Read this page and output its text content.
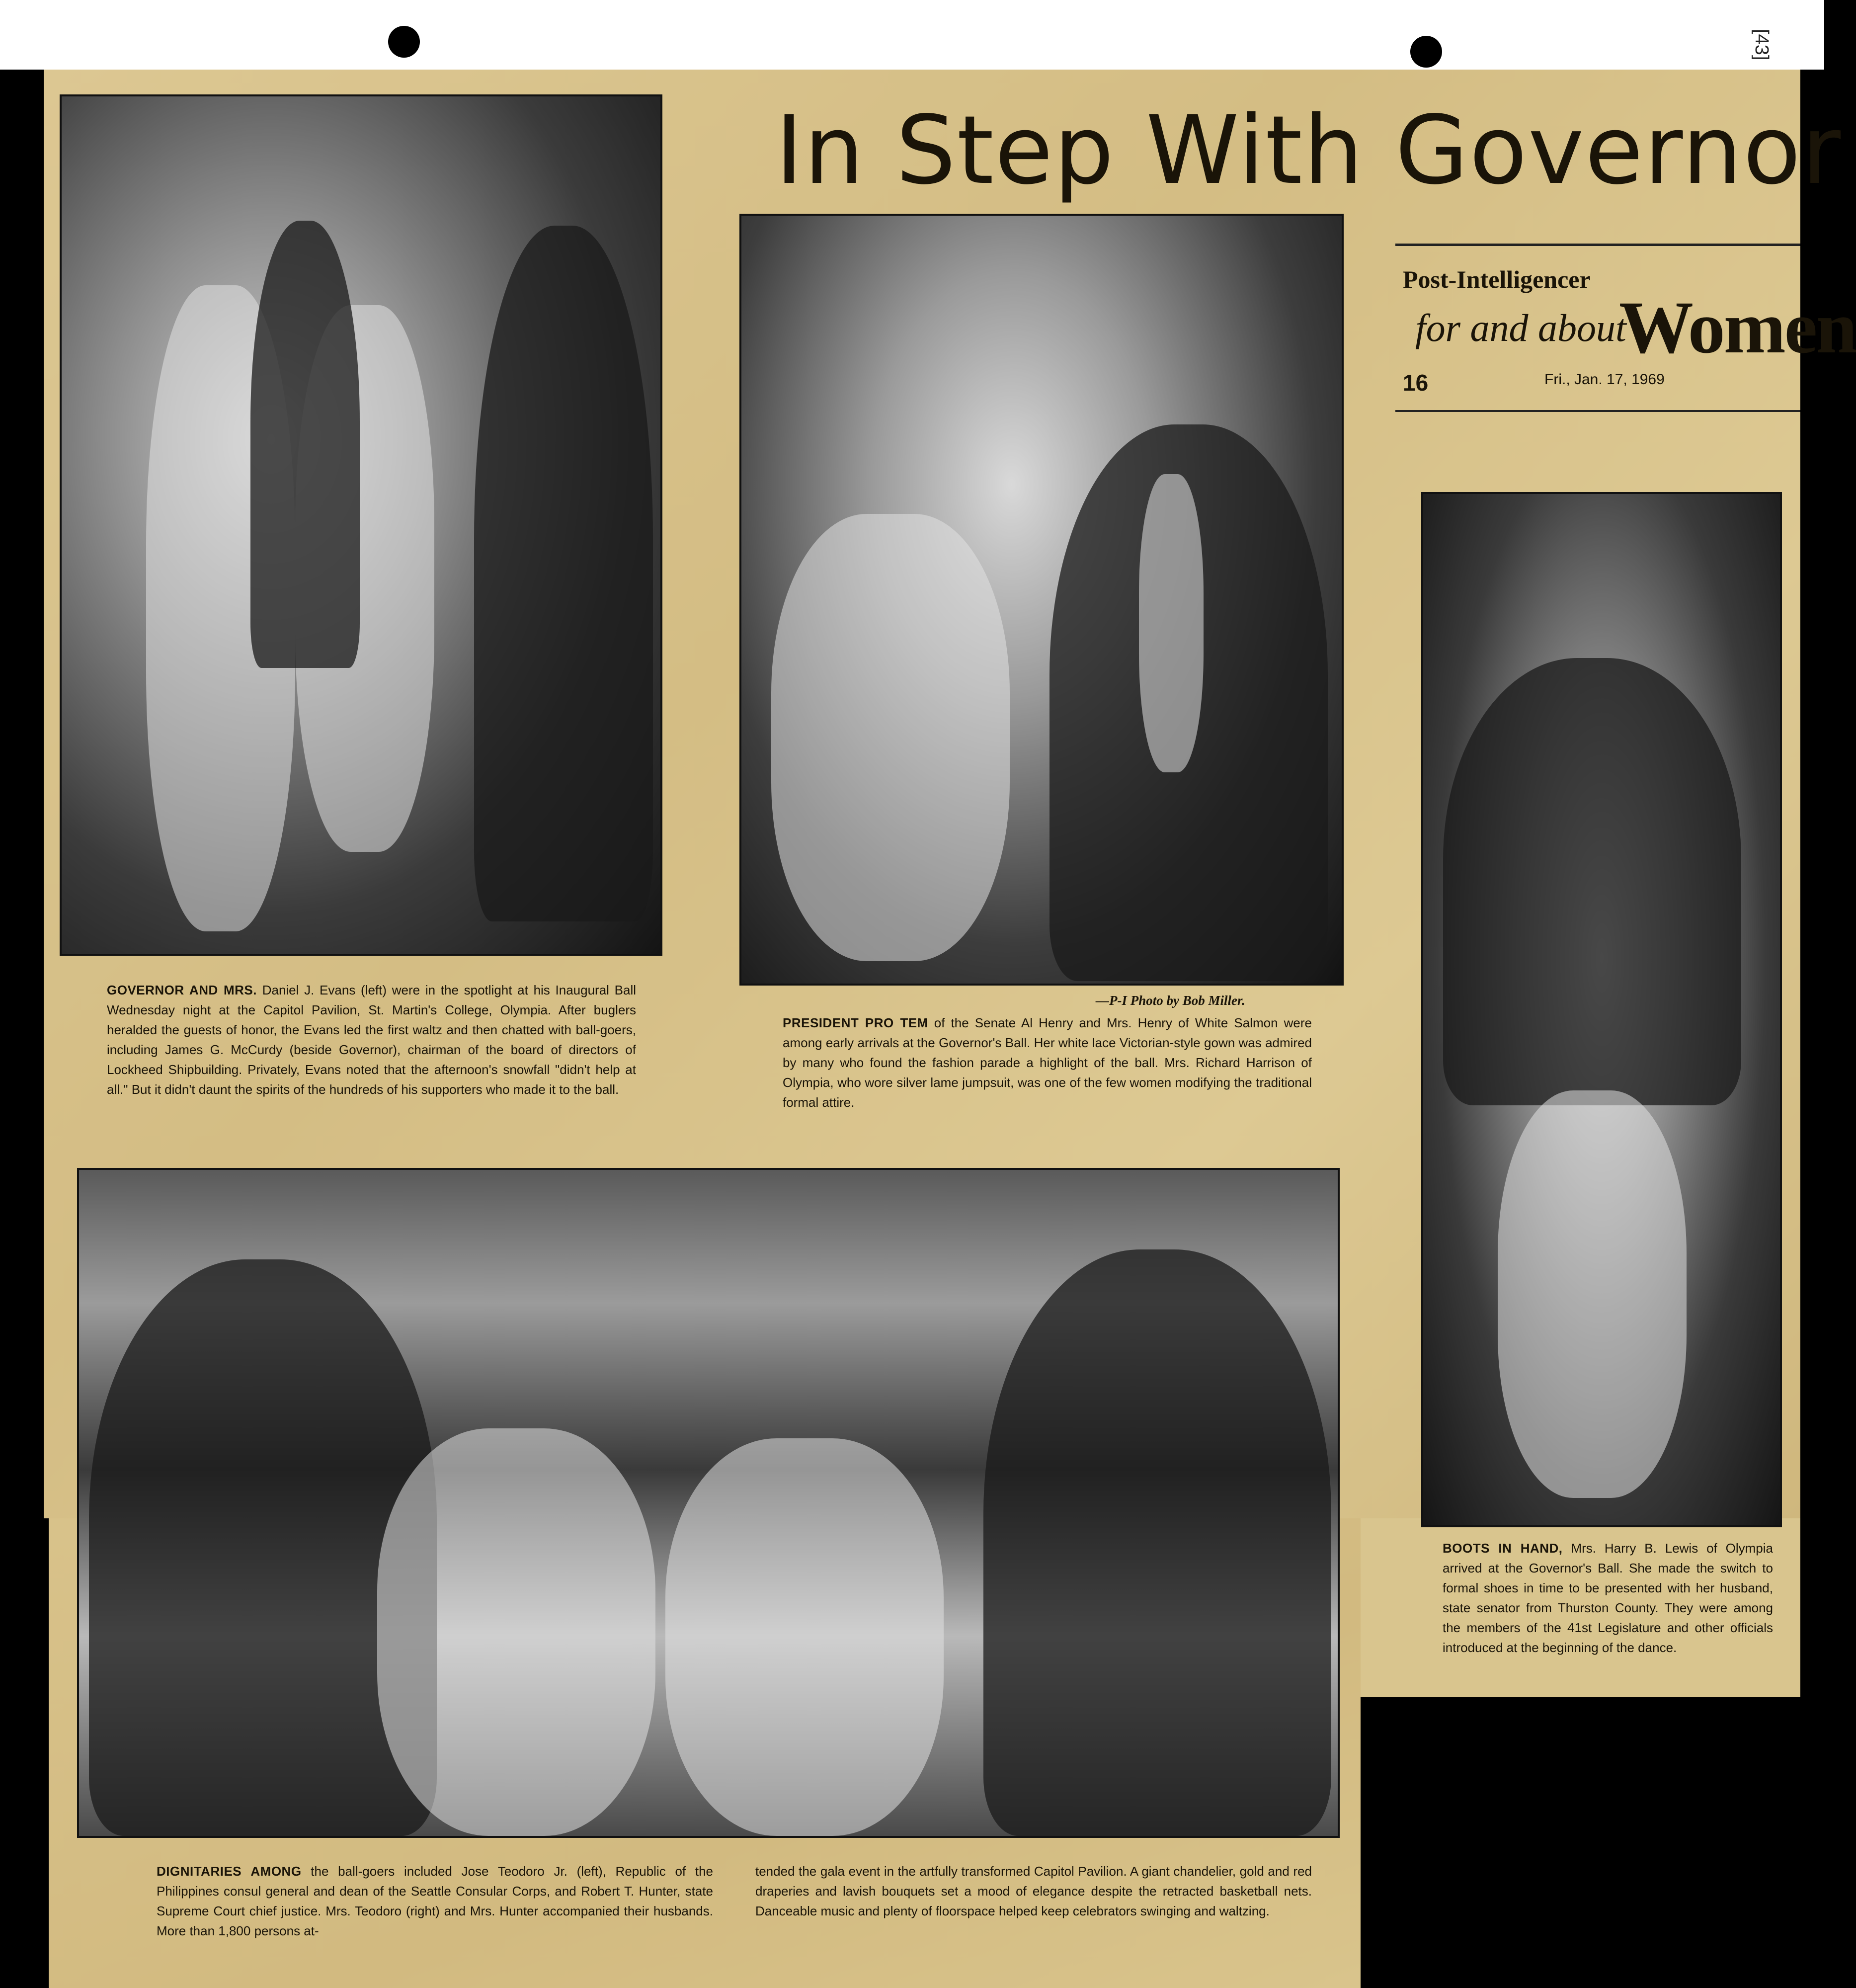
[43]
In Step With Governor
Post-Intelligencer
for and about
Women
16	Fri., Jan. 17, 1969
—P-I Photo by Bob Miller.
GOVERNOR AND MRS. Daniel J. Evans (left) were in the spotlight at his Inaugural Ball Wednesday night at the Capitol Pavilion, St. Martin's College, Olympia. After buglers heralded the guests of honor, the Evans led the first waltz and then chatted with ball-goers, including James G. McCurdy (beside Governor), chairman of the board of directors of Lockheed Shipbuilding. Privately, Evans noted that the afternoon's snowfall "didn't help at all." But it didn't daunt the spirits of the hundreds of his supporters who made it to the ball.
PRESIDENT PRO TEM of the Senate Al Henry and Mrs. Henry of White Salmon were among early arrivals at the Governor's Ball. Her white lace Victorian-style gown was admired by many who found the fashion parade a highlight of the ball. Mrs. Richard Harrison of Olympia, who wore silver lame jumpsuit, was one of the few women modifying the traditional formal attire.
BOOTS IN HAND, Mrs. Harry B. Lewis of Olympia arrived at the Governor's Ball. She made the switch to formal shoes in time to be presented with her husband, state senator from Thurston County. They were among the members of the 41st Legislature and other officials introduced at the beginning of the dance.
DIGNITARIES AMONG the ball-goers included Jose Teodoro Jr. (left), Republic of the Philippines consul general and dean of the Seattle Consular Corps, and Robert T. Hunter, state Supreme Court chief justice. Mrs. Teodoro (right) and Mrs. Hunter accompanied their husbands. More than 1,800 persons at-
tended the gala event in the artfully transformed Capitol Pavilion. A giant chandelier, gold and red draperies and lavish bouquets set a mood of elegance despite the retracted basketball nets. Danceable music and plenty of floorspace helped keep celebrators swinging and waltzing.
